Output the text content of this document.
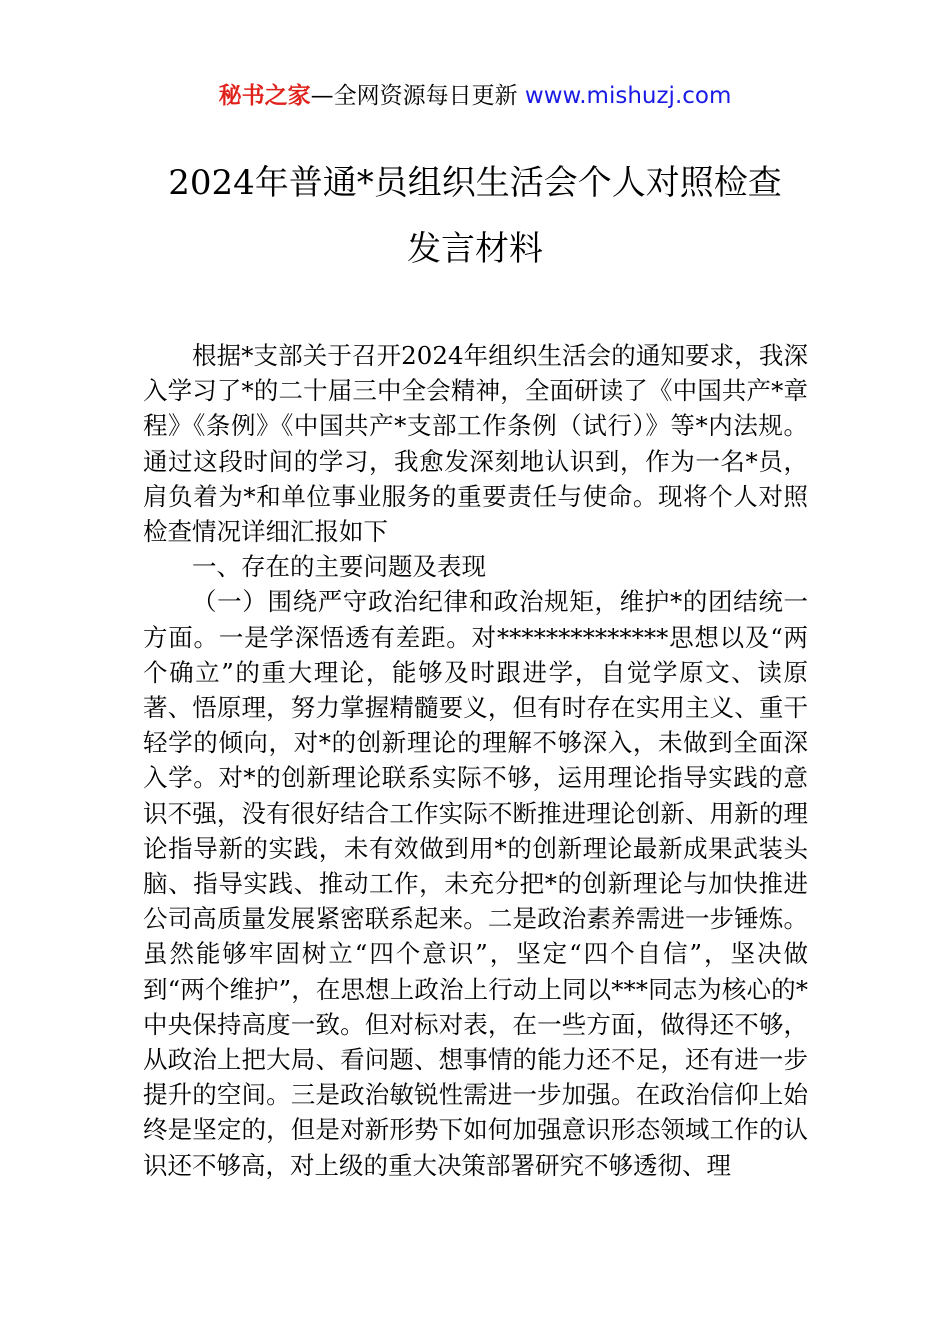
秘书之家—全网资源每日更新 www.mishuzj.com
2024年普通*员组织生活会个人对照检查
发言材料

根据*支部关于召开2024年组织生活会的通知要求，我深入学习了*的二十届三中全会精神，全面研读了《中国共产*章程》《条例》《中国共产*支部工作条例（试行）》等*内法规。通过这段时间的学习，我愈发深刻地认识到，作为一名*员，肩负着为*和单位事业服务的重要责任与使命。现将个人对照检查情况详细汇报如下

一、存在的主要问题及表现

（一）围绕严守政治纪律和政治规矩，维护*的团结统一方面。一是学深悟透有差距。对**************思想以及“两个确立”的重大理论，能够及时跟进学，自觉学原文、读原著、悟原理，努力掌握精髓要义，但有时存在实用主义、重干轻学的倾向，对*的创新理论的理解不够深入，未做到全面深入学。对*的创新理论联系实际不够，运用理论指导实践的意识不强，没有很好结合工作实际不断推进理论创新、用新的理论指导新的实践，未有效做到用*的创新理论最新成果武装头脑、指导实践、推动工作，未充分把*的创新理论与加快推进公司高质量发展紧密联系起来。二是政治素养需进一步锤炼。虽然能够牢固树立“四个意识”，坚定“四个自信”，坚决做到“两个维护”，在思想上政治上行动上同以***同志为核心的*中央保持高度一致。但对标对表，在一些方面，做得还不够，从政治上把大局、看问题、想事情的能力还不足，还有进一步提升的空间。三是政治敏锐性需进一步加强。在政治信仰上始终是坚定的，但是对新形势下如何加强意识形态领域工作的认识还不够高，对上级的重大决策部署研究不够透彻、理
